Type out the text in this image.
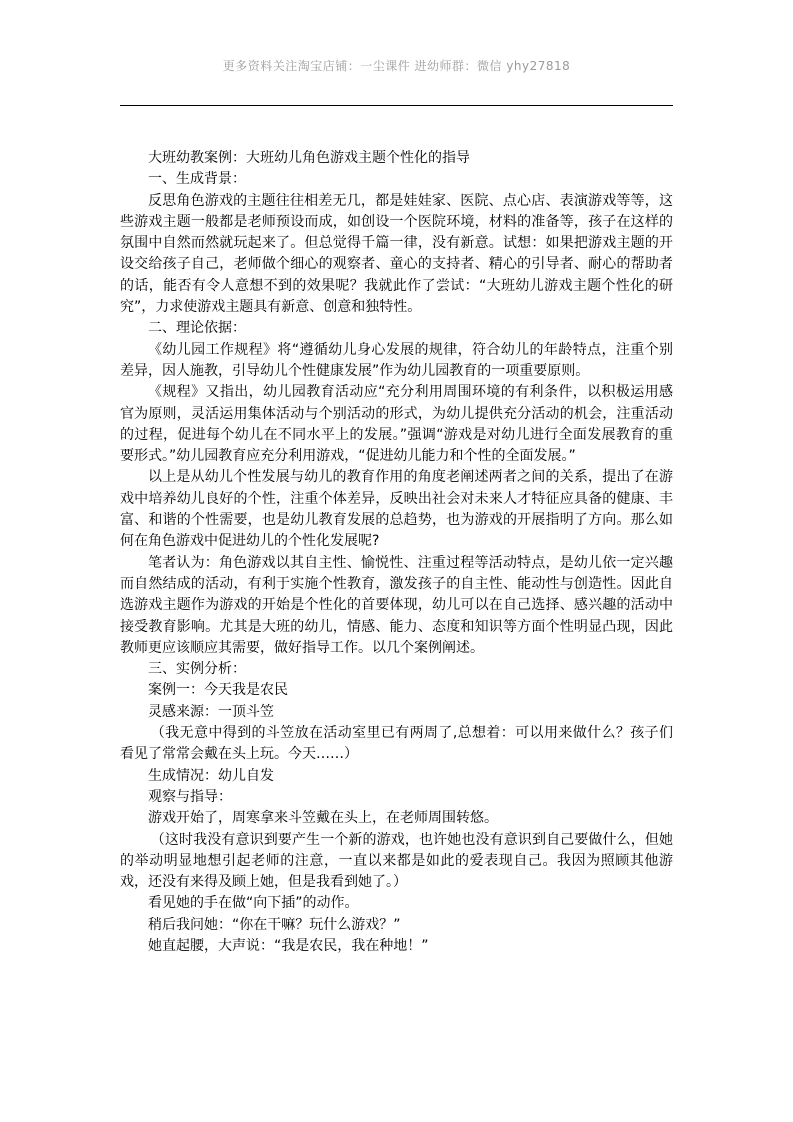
更多资料关注淘宝店铺：一尘课件 进幼师群：微信 yhy27818

大班幼教案例：大班幼儿角色游戏主题个性化的指导

一、生成背景：

反思角色游戏的主题往往相差无几，都是娃娃家、医院、点心店、表演游戏等等，这些游戏主题一般都是老师预设而成，如创设一个医院环境，材料的准备等，孩子在这样的氛围中自然而然就玩起来了。但总觉得千篇一律，没有新意。试想：如果把游戏主题的开设交给孩子自己，老师做个细心的观察者、童心的支持者、精心的引导者、耐心的帮助者的话，能否有令人意想不到的效果呢？我就此作了尝试：“大班幼儿游戏主题个性化的研究”，力求使游戏主题具有新意、创意和独特性。

二、理论依据：

《幼儿园工作规程》将“遵循幼儿身心发展的规律，符合幼儿的年龄特点，注重个别差异，因人施教，引导幼儿个性健康发展”作为幼儿园教育的一项重要原则。

《规程》又指出，幼儿园教育活动应“充分利用周围环境的有利条件，以积极运用感官为原则，灵活运用集体活动与个别活动的形式，为幼儿提供充分活动的机会，注重活动的过程，促进每个幼儿在不同水平上的发展。”强调“游戏是对幼儿进行全面发展教育的重要形式。”幼儿园教育应充分利用游戏，“促进幼儿能力和个性的全面发展。”

以上是从幼儿个性发展与幼儿的教育作用的角度老阐述两者之间的关系，提出了在游戏中培养幼儿良好的个性，注重个体差异，反映出社会对未来人才特征应具备的健康、丰富、和谐的个性需要，也是幼儿教育发展的总趋势，也为游戏的开展指明了方向。那么如何在角色游戏中促进幼儿的个性化发展呢?

笔者认为：角色游戏以其自主性、愉悦性、注重过程等活动特点，是幼儿依一定兴趣而自然结成的活动，有利于实施个性教育，激发孩子的自主性、能动性与创造性。因此自选游戏主题作为游戏的开始是个性化的首要体现，幼儿可以在自己选择、感兴趣的活动中接受教育影响。尤其是大班的幼儿，情感、能力、态度和知识等方面个性明显凸现，因此教师更应该顺应其需要，做好指导工作。以几个案例阐述。

三、实例分析：

案例一：今天我是农民

灵感来源：一顶斗笠

（我无意中得到的斗笠放在活动室里已有两周了,总想着：可以用来做什么？孩子们看见了常常会戴在头上玩。今天……）

生成情况：幼儿自发

观察与指导：

游戏开始了，周寒拿来斗笠戴在头上，在老师周围转悠。

（这时我没有意识到要产生一个新的游戏，也许她也没有意识到自己要做什么，但她的举动明显地想引起老师的注意，一直以来都是如此的爱表现自己。我因为照顾其他游戏，还没有来得及顾上她，但是我看到她了。）

看见她的手在做“向下插”的动作。

稍后我问她：“你在干嘛？玩什么游戏？”

她直起腰，大声说：“我是农民，我在种地！”
